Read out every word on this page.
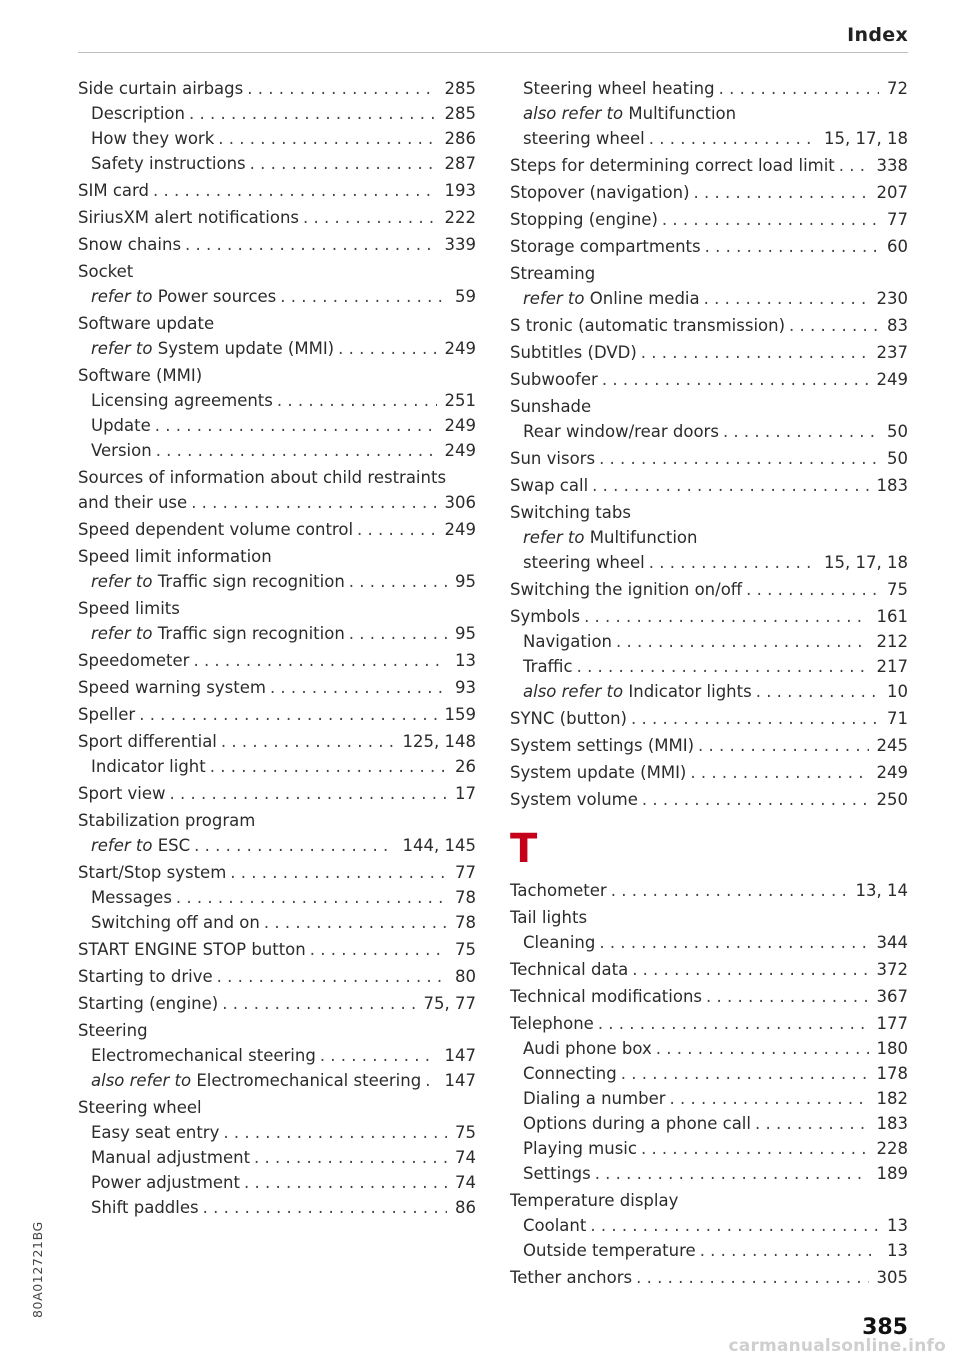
Index
Side curtain airbags . . .	285
Description . . .	285
How they work . . .	286
Safety instructions . . .	287
SIM card . . .	193
SiriusXM alert notifications . . .	222
Snow chains . . .	339
Socket
refer to Power sources . . .	59
Software update
refer to System update (MMI) . . .	249
Software (MMI)
Licensing agreements . . .	251
Update . . .	249
Version . . .	249
Sources of information about child restraints
and their use . . .	306
Speed dependent volume control . . .	249
Speed limit information
refer to Traffic sign recognition . . .	95
Speed limits
refer to Traffic sign recognition . . .	95
Speedometer . . .	13
Speed warning system . . .	93
Speller . . .	159
Sport differential . . .	125, 148
Indicator light . . .	26
Sport view . . .	17
Stabilization program
refer to ESC . . .	144, 145
Start/Stop system . . .	77
Messages . . .	78
Switching off and on . . .	78
START ENGINE STOP button . . .	75
Starting to drive . . .	80
Starting (engine) . . .	75, 77
Steering
Electromechanical steering . . .	147
also refer to Electromechanical steering . . . 147
Steering wheel
Easy seat entry . . .	75
Manual adjustment . . .	74
Power adjustment . . .	74
Shift paddles . . .	86
Steering wheel heating . . .	72
also refer to Multifunction
steering wheel . . .	15, 17, 18
Steps for determining correct load limit . . .	338
Stopover (navigation) . . .	207
Stopping (engine) . . .	77
Storage compartments . . .	60
Streaming
refer to Online media . . .	230
S tronic (automatic transmission) . . .	83
Subtitles (DVD) . . .	237
Subwoofer . . .	249
Sunshade
Rear window/rear doors . . .	50
Sun visors . . .	50
Swap call . . .	183
Switching tabs
refer to Multifunction
steering wheel . . .	15, 17, 18
Switching the ignition on/off . . .	75
Symbols . . .	161
Navigation . . .	212
Traffic . . .	217
also refer to Indicator lights . . .	10
SYNC (button) . . .	71
System settings (MMI) . . .	245
System update (MMI) . . .	249
System volume . . .	250
T
Tachometer . . .	13, 14
Tail lights
Cleaning . . .	344
Technical data . . .	372
Technical modifications . . .	367
Telephone . . .	177
Audi phone box . . .	180
Connecting . . .	178
Dialing a number . . .	182
Options during a phone call . . .	183
Playing music . . .	228
Settings . . .	189
Temperature display
Coolant . . .	13
Outside temperature . . .	13
Tether anchors . . .	305
80A012721BG
385
carmanualsonline.info
